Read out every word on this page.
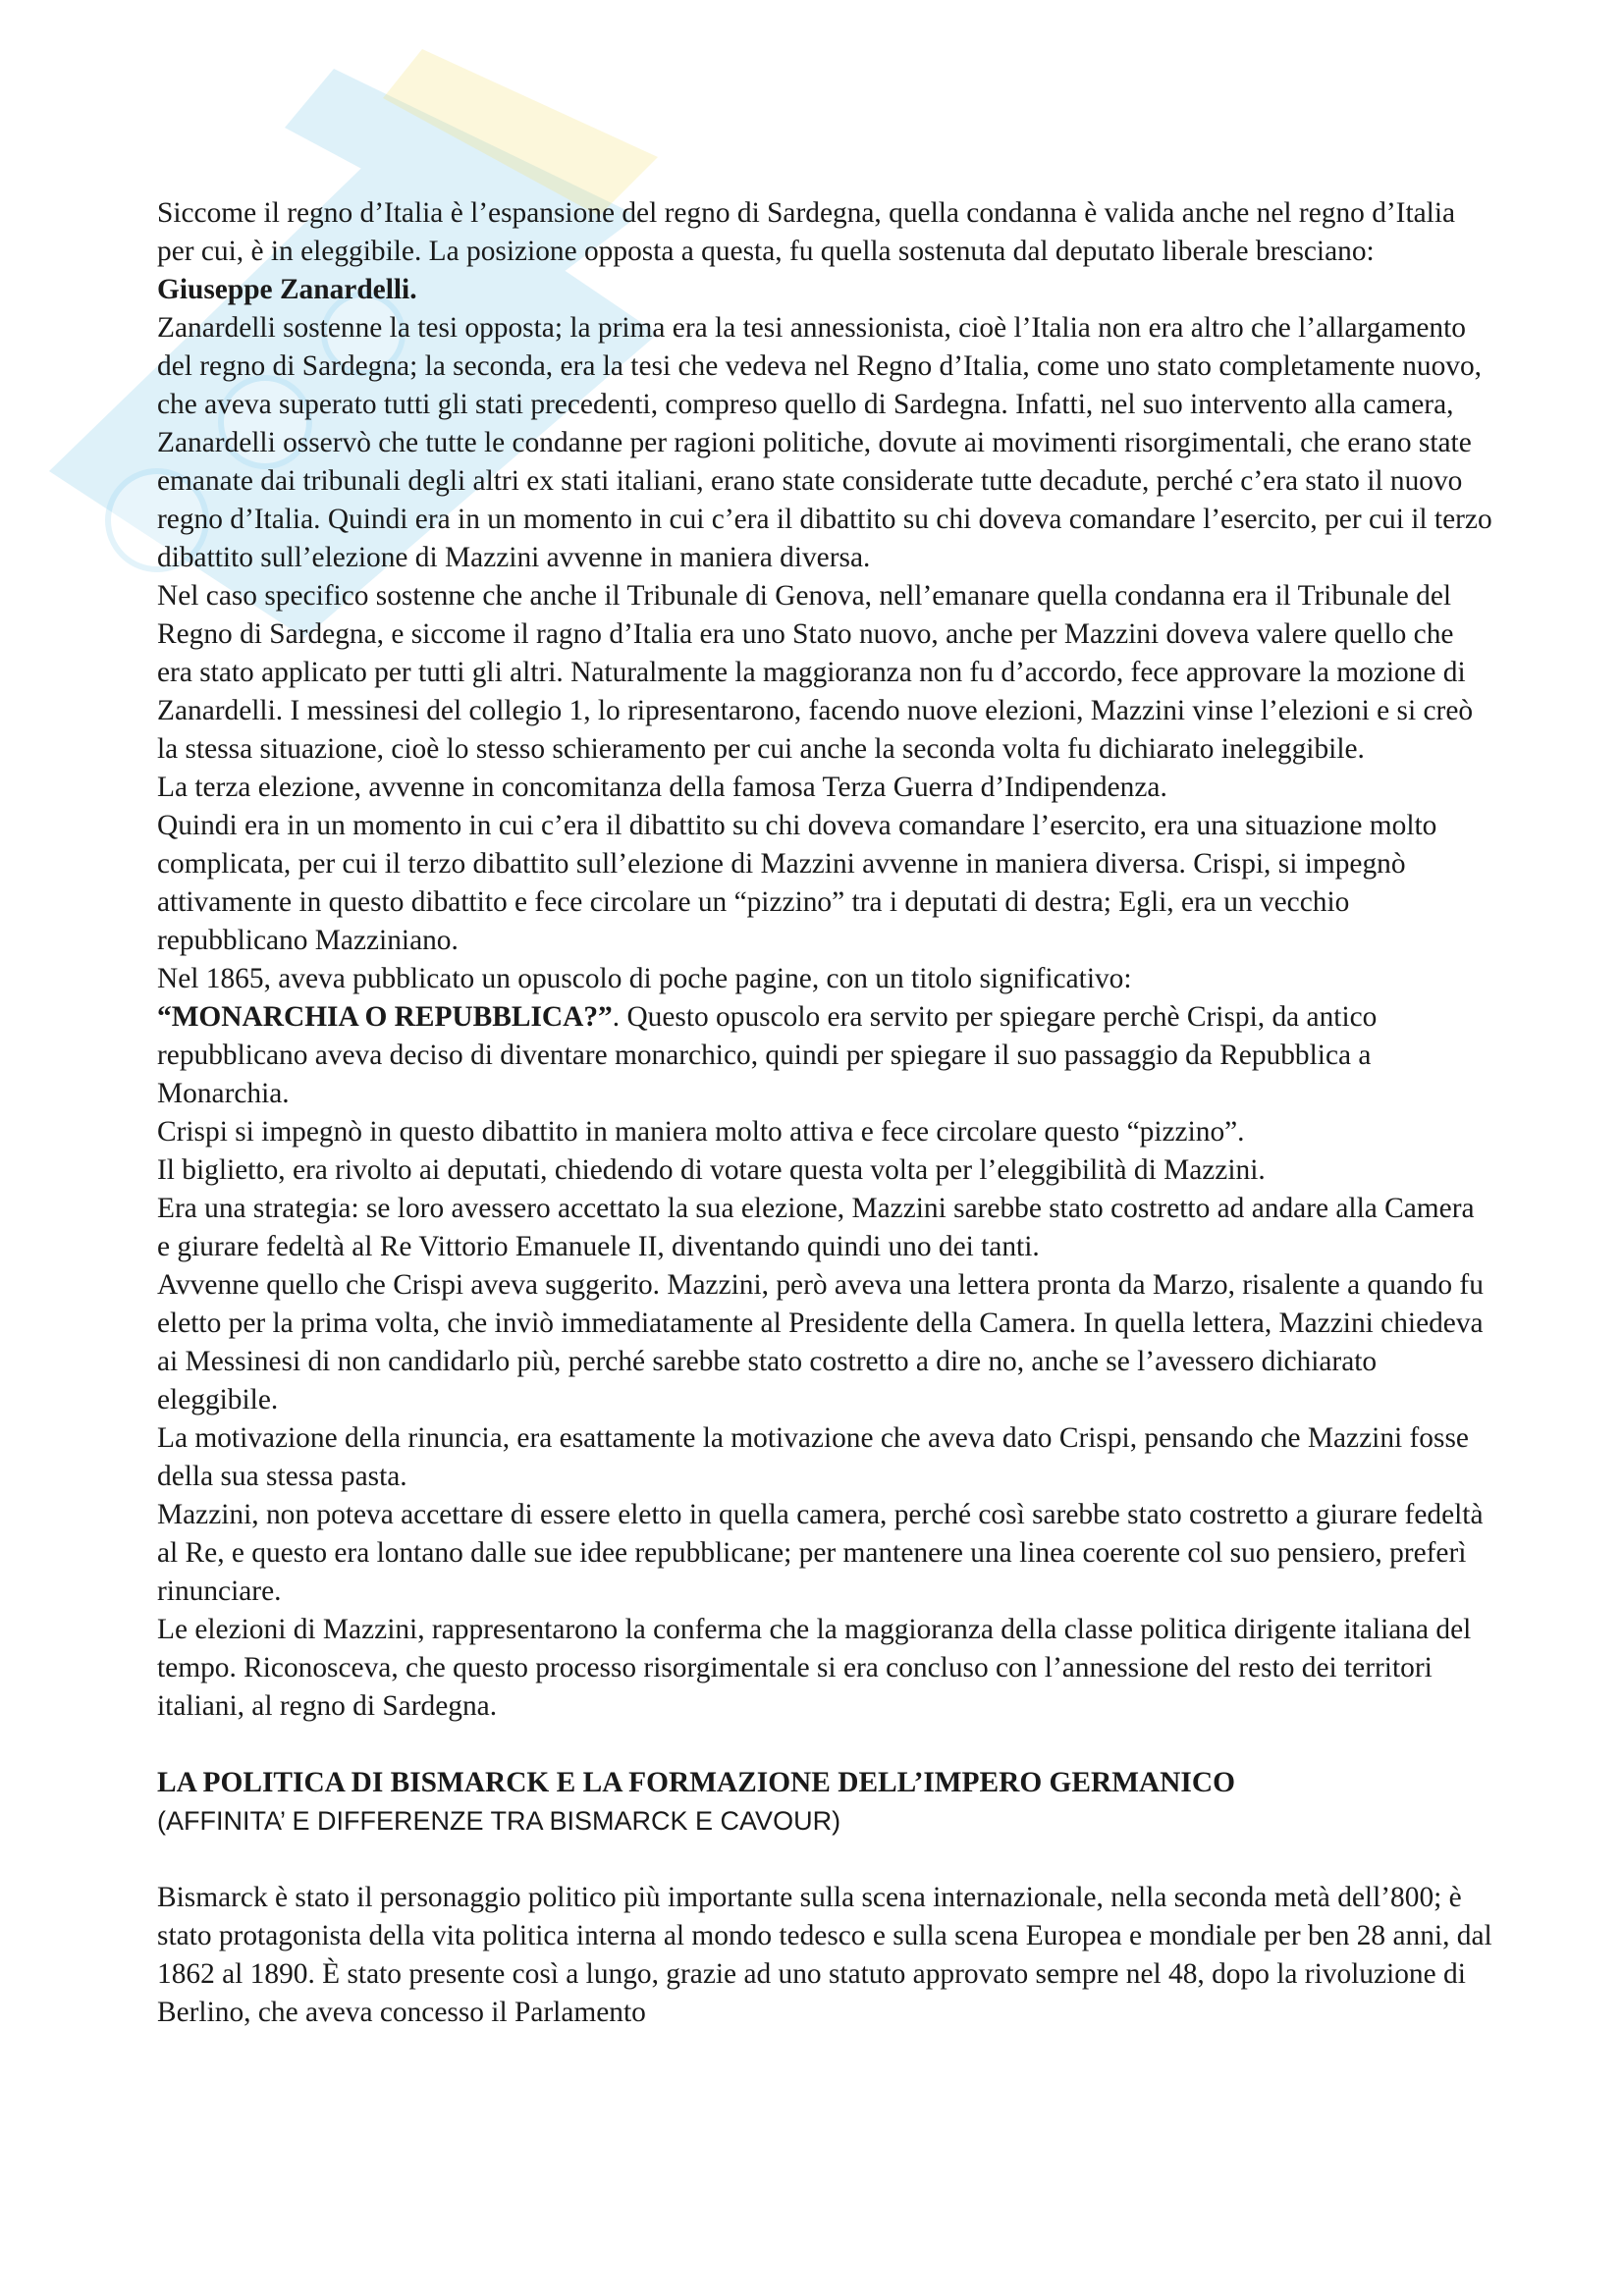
Siccome il regno d’Italia è l’espansione del regno di Sardegna, quella condanna è valida anche nel regno d’Italia per cui, è in eleggibile. La posizione opposta a questa, fu quella sostenuta dal deputato liberale bresciano: Giuseppe Zanardelli.

Zanardelli sostenne la tesi opposta; la prima era la tesi annessionista, cioè l’Italia non era altro che l’allargamento del regno di Sardegna; la seconda, era la tesi che vedeva nel Regno d’Italia, come uno stato completamente nuovo, che aveva superato tutti gli stati precedenti, compreso quello di Sardegna. Infatti, nel suo intervento alla camera, Zanardelli osservò che tutte le condanne per ragioni politiche, dovute ai movimenti risorgimentali, che erano state emanate dai tribunali degli altri ex stati italiani, erano state considerate tutte decadute, perché c’era stato il nuovo regno d’Italia. Quindi era in un momento in cui c’era il dibattito su chi doveva comandare l’esercito, per cui il terzo dibattito sull’elezione di Mazzini avvenne in maniera diversa.

Nel caso specifico sostenne che anche il Tribunale di Genova, nell’emanare quella condanna era il Tribunale del Regno di Sardegna, e siccome il ragno d’Italia era uno Stato nuovo, anche per Mazzini doveva valere quello che era stato applicato per tutti gli altri. Naturalmente la maggioranza non fu d’accordo, fece approvare la mozione di Zanardelli. I messinesi del collegio 1, lo ripresentarono, facendo nuove elezioni, Mazzini vinse l’elezioni e si creò la stessa situazione, cioè lo stesso schieramento per cui anche la seconda volta fu dichiarato ineleggibile.

La terza elezione, avvenne in concomitanza della famosa Terza Guerra d’Indipendenza.

Quindi era in un momento in cui c’era il dibattito su chi doveva comandare l’esercito, era una situazione molto complicata, per cui il terzo dibattito sull’elezione di Mazzini avvenne in maniera diversa. Crispi, si impegnò attivamente in questo dibattito e fece circolare un “pizzino” tra i deputati di destra; Egli, era un vecchio repubblicano Mazziniano.

Nel 1865, aveva pubblicato un opuscolo di poche pagine, con un titolo significativo:

“MONARCHIA O REPUBBLICA?”. Questo opuscolo era servito per spiegare perchè Crispi, da antico repubblicano aveva deciso di diventare monarchico, quindi per spiegare il suo passaggio da Repubblica a Monarchia.

Crispi si impegnò in questo dibattito in maniera molto attiva e fece circolare questo “pizzino”.

Il biglietto, era rivolto ai deputati, chiedendo di votare questa volta per l’eleggibilità di Mazzini.

Era una strategia: se loro avessero accettato la sua elezione, Mazzini sarebbe stato costretto ad andare alla Camera e giurare fedeltà al Re Vittorio Emanuele II, diventando quindi uno dei tanti.

Avvenne quello che Crispi aveva suggerito. Mazzini, però aveva una lettera pronta da Marzo, risalente a quando fu eletto per la prima volta, che inviò immediatamente al Presidente della Camera. In quella lettera, Mazzini chiedeva ai Messinesi di non candidarlo più, perché sarebbe stato costretto a dire no, anche se l’avessero dichiarato eleggibile.

La motivazione della rinuncia, era esattamente la motivazione che aveva dato Crispi, pensando che Mazzini fosse della sua stessa pasta.

Mazzini, non poteva accettare di essere eletto in quella camera, perché così sarebbe stato costretto a giurare fedeltà al Re, e questo era lontano dalle sue idee repubblicane; per mantenere una linea coerente col suo pensiero, preferì rinunciare.

Le elezioni di Mazzini, rappresentarono la conferma che la maggioranza della classe politica dirigente italiana del tempo. Riconosceva, che questo processo risorgimentale si era concluso con l’annessione del resto dei territori italiani, al regno di Sardegna.

LA POLITICA DI BISMARCK E LA FORMAZIONE DELL’IMPERO GERMANICO

(AFFINITA’ E DIFFERENZE TRA BISMARCK E CAVOUR)

Bismarck è stato il personaggio politico più importante sulla scena internazionale, nella seconda metà dell’800; è stato protagonista della vita politica interna al mondo tedesco e sulla scena Europea e mondiale per ben 28 anni, dal 1862 al 1890. È stato presente così a lungo, grazie ad uno statuto approvato sempre nel 48, dopo la rivoluzione di Berlino, che aveva concesso il Parlamento
